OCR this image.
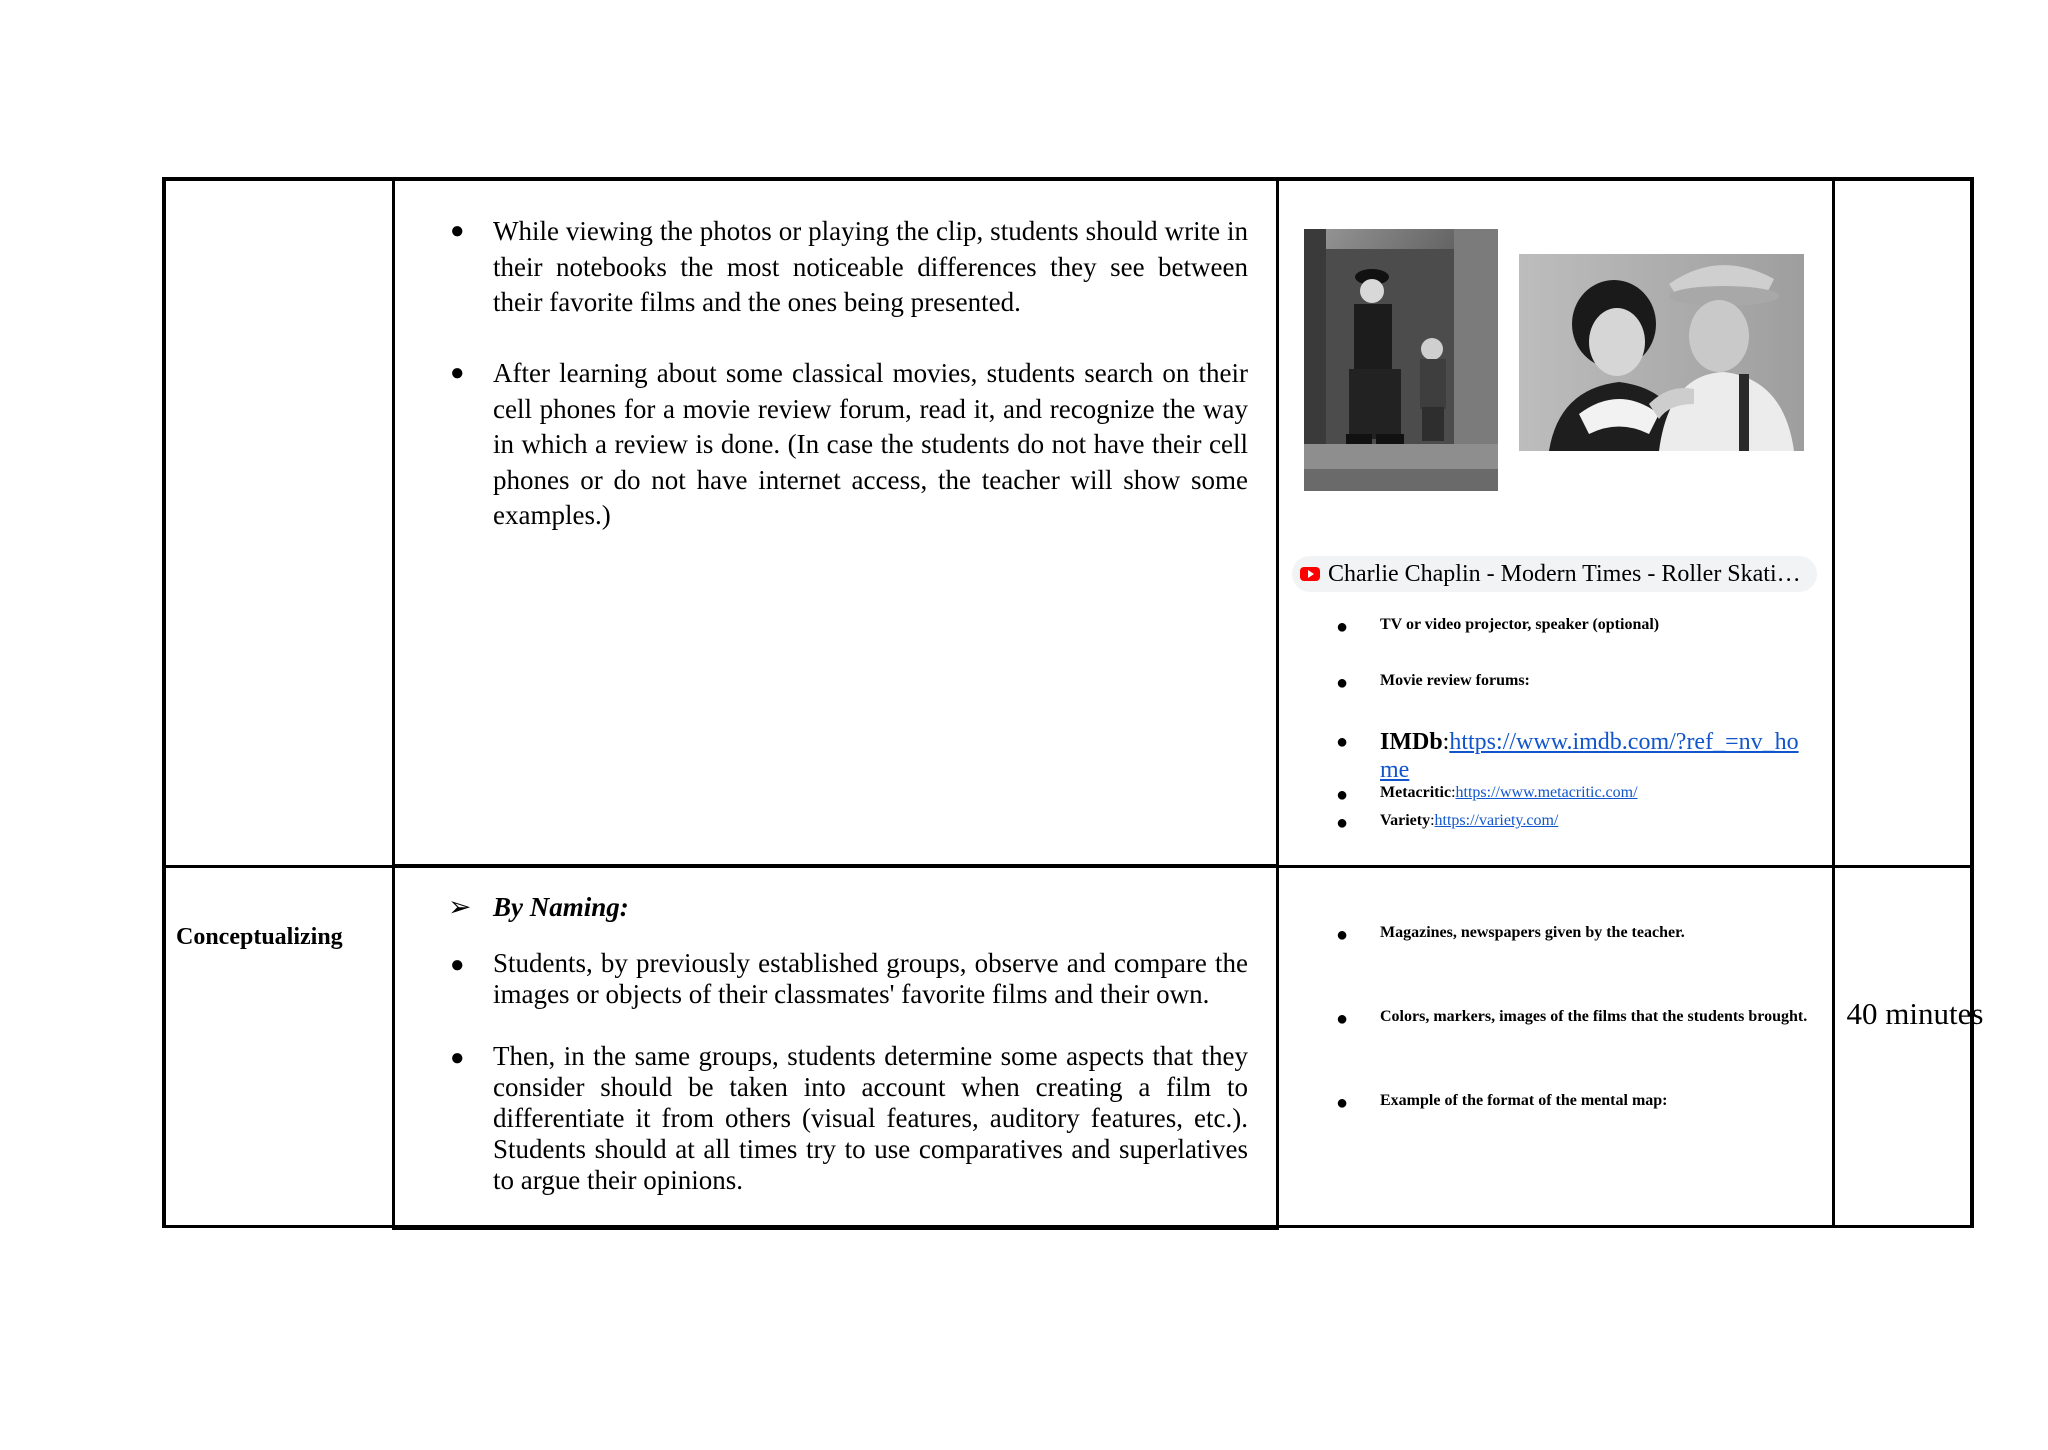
● While viewing the photos or playing the clip, students should write in their notebooks the most noticeable differences they see between their favorite films and the ones being presented.
● After learning about some classical movies, students search on their cell phones for a movie review forum, read it, and recognize the way in which a review is done. (In case the students do not have their cell phones or do not have internet access, the teacher will show some examples.)
Charlie Chaplin - Modern Times - Roller Skati…
● TV or video projector, speaker (optional)
● Movie review forums:
● IMDb:https://www.imdb.com/?ref_=nv_ho me
● Metacritic:https://www.metacritic.com/
● Variety:https://variety.com/
Conceptualizing
➢ By Naming:
● Students, by previously established groups, observe and compare the images or objects of their classmates' favorite films and their own.
● Then, in the same groups, students determine some aspects that they consider should be taken into account when creating a film to differentiate it from others (visual features, auditory features, etc.). Students should at all times try to use comparatives and superlatives to argue their opinions.
● Magazines, newspapers given by the teacher.
● Colors, markers, images of the films that the students brought.
● Example of the format of the mental map:
40 minutes
